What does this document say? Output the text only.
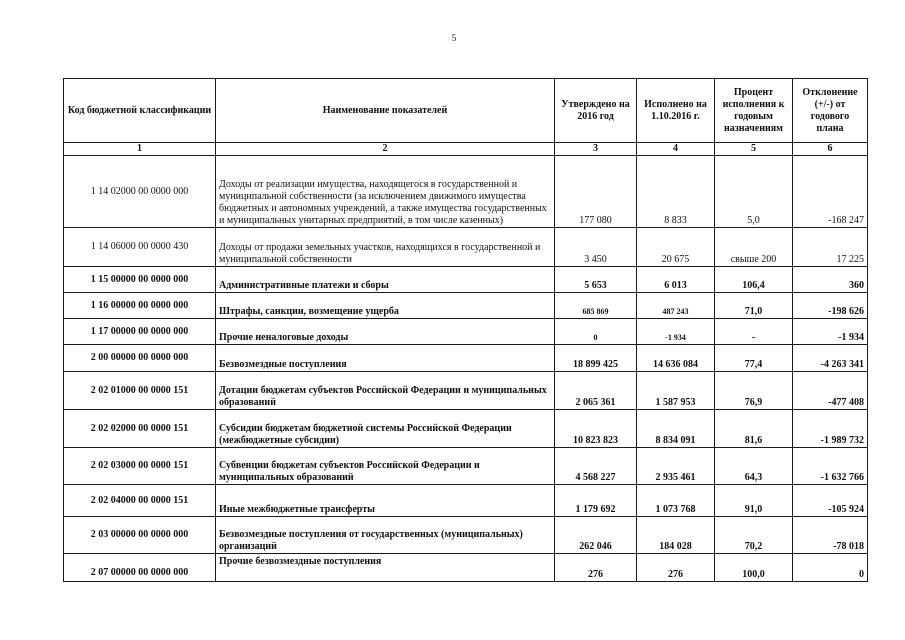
5
Код бюджетной классификации	Наименование показателей	Утверждено на 2016 год	Исполнено на 1.10.2016 г.	Процент исполнения к годовым назначениям	Отклонение (+/-) от годового плана
1	2	3	4	5	6
1 14 02000 00 0000 000	Доходы от реализации имущества, находящегося в государственной и муниципальной собственности (за исключением движимого имущества бюджетных и автономных учреждений, а также имущества государственных и муниципальных унитарных предприятий, в том числе казенных)	177 080	8 833	5,0	-168 247
1 14 06000 00 0000 430	Доходы от продажи земельных участков, находящихся в государственной и муниципальной собственности	3 450	20 675	свыше 200	17 225
1 15 00000 00 0000 000	Административные платежи и сборы	5 653	6 013	106,4	360
1 16 00000 00 0000 000	Штрафы, санкции, возмещение ущерба	685 869	487 243	71,0	-198 626
1 17 00000 00 0000 000	Прочие неналоговые доходы	0	-1 934	-	-1 934
2 00 00000 00 0000 000	Безвозмездные поступления	18 899 425	14 636 084	77,4	-4 263 341
2 02 01000 00 0000 151	Дотации бюджетам субъектов Российской Федерации и муниципальных образований	2 065 361	1 587 953	76,9	-477 408
2 02 02000 00 0000 151	Субсидии бюджетам бюджетной системы Российской Федерации (межбюджетные субсидии)	10 823 823	8 834 091	81,6	-1 989 732
2 02 03000 00 0000 151	Субвенции бюджетам субъектов Российской Федерации и муниципальных образований	4 568 227	2 935 461	64,3	-1 632 766
2 02 04000 00 0000 151	Иные межбюджетные трансферты	1 179 692	1 073 768	91,0	-105 924
2 03 00000 00 0000 000	Безвозмездные поступления от государственных (муниципальных) организаций	262 046	184 028	70,2	-78 018
2 07 00000 00 0000 000	Прочие безвозмездные поступления	276	276	100,0	0
